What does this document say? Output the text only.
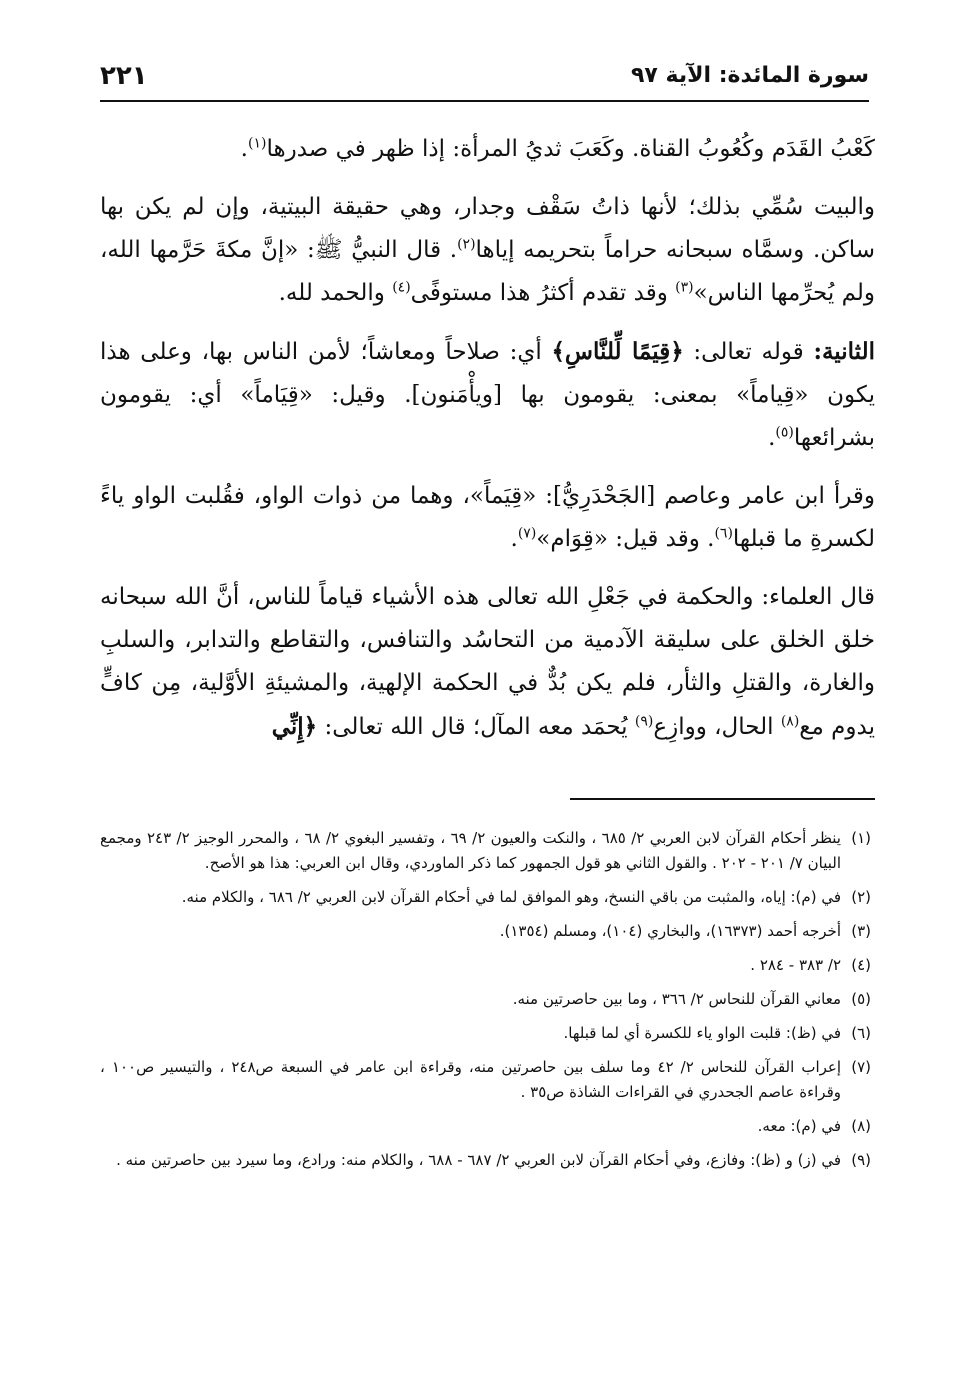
سورة المائدة: الآية ٩٧
٢٢١

كَعْبُ القَدَم وكُعُوبُ القناة. وكَعَبَ ثديُ المرأة: إذا ظهر في صدرها$^{(١)}$.

والبيت سُمِّي بذلك؛ لأنها ذاتُ سَقْف وجدار، وهي حقيقة البيتية، وإن لم يكن بها ساكن. وسمَّاه سبحانه حراماً بتحريمه إياها$^{(٢)}$. قال النبيُّ ﷺ: «إنَّ مكةَ حَرَّمها الله، ولم يُحرِّمها الناس»$^{(٣)}$ وقد تقدم أكثرُ هذا مستوفًى$^{(٤)}$ والحمد لله.

الثانية: قوله تعالى: ﴿قِيَمًا لِّلنَّاسِ﴾ أي: صلاحاً ومعاشاً؛ لأمن الناس بها، وعلى هذا يكون «قِياماً» بمعنى: يقومون بها [ويأْمَنون]. وقيل: «قِيَاماً» أي: يقومون بشرائعها$^{(٥)}$.

وقرأ ابن عامر وعاصم [الجَحْدَرِيُّ]: «قِيَماً»، وهما من ذوات الواو، فقُلبت الواو ياءً لكسرةِ ما قبلها$^{(٦)}$. وقد قيل: «قِوَام»$^{(٧)}$.

قال العلماء: والحكمة في جَعْلِ الله تعالى هذه الأشياء قياماً للناس، أنَّ الله سبحانه خلق الخلق على سليقة الآدمية من التحاسُد والتنافس، والتقاطع والتدابر، والسلبِ والغارة، والقتلِ والثأر، فلم يكن بُدٌّ في الحكمة الإلهية، والمشيئةِ الأوَّلية، مِن كافٍّ يدوم مع$^{(٨)}$ الحال، ووازِع$^{(٩)}$ يُحمَد معه المآل؛ قال الله تعالى: ﴿إِنِّي

(١)
ينظر أحكام القرآن لابن العربي ٢/ ٦٨٥ ، والنكت والعيون ٢/ ٦٩ ، وتفسير البغوي ٢/ ٦٨ ، والمحرر الوجيز ٢/ ٢٤٣ ومجمع البيان ٧/ ٢٠١ - ٢٠٢ . والقول الثاني هو قول الجمهور كما ذكر الماوردي، وقال ابن العربي: هذا هو الأصح.
(٢)
في (م): إياه، والمثبت من باقي النسخ، وهو الموافق لما في أحكام القرآن لابن العربي ٢/ ٦٨٦ ، والكلام منه.
(٣)
أخرجه أحمد (١٦٣٧٣)، والبخاري (١٠٤)، ومسلم (١٣٥٤).
(٤)
٢/ ٣٨٣ - ٢٨٤ .
(٥)
معاني القرآن للنحاس ٢/ ٣٦٦ ، وما بين حاصرتين منه.
(٦)
في (ظ): قلبت الواو ياء للكسرة أي لما قبلها.
(٧)
إعراب القرآن للنحاس ٢/ ٤٢ وما سلف بين حاصرتين منه، وقراءة ابن عامر في السبعة ص٢٤٨ ، والتيسير ص١٠٠ ، وقراءة عاصم الجحدري في القراءات الشاذة ص٣٥ .
(٨)
في (م): معه.
(٩)
في (ز) و (ظ): وفازع، وفي أحكام القرآن لابن العربي ٢/ ٦٨٧ - ٦٨٨ ، والكلام منه: ورادع، وما سيرد بين حاصرتين منه .
